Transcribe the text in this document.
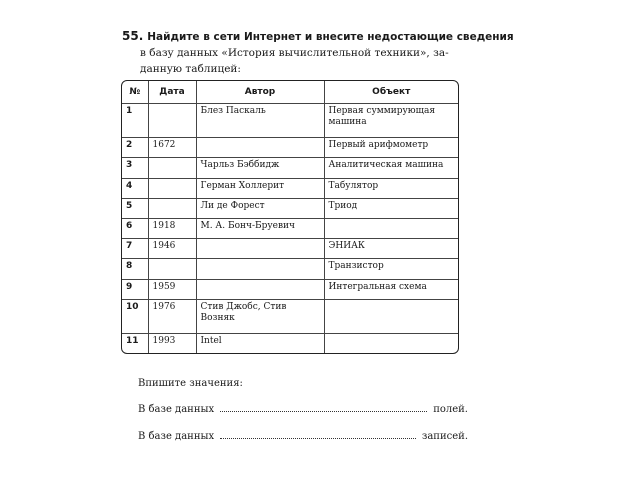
55. Найдите в сети Интернет и внесите недостающие сведения
в базу данных «История вычислительной техники», за-
данную таблицей:
№	Дата	Автор	Объект
1		Блез Паскаль	Первая суммирующая машина
2	1672		Первый арифмометр
3		Чарльз Бэббидж	Аналитическая машина
4		Герман Холлерит	Табулятор
5		Ли де Форест	Триод
6	1918	М. А. Бонч-Бруевич	
7	1946		ЭНИАК
8			Транзистор
9	1959		Интегральная схема
10	1976	Стив Джобс, Стив Возняк	
11	1993	Intel	
Впишите значения:
В базе данных	полей.
В базе данных	записей.
